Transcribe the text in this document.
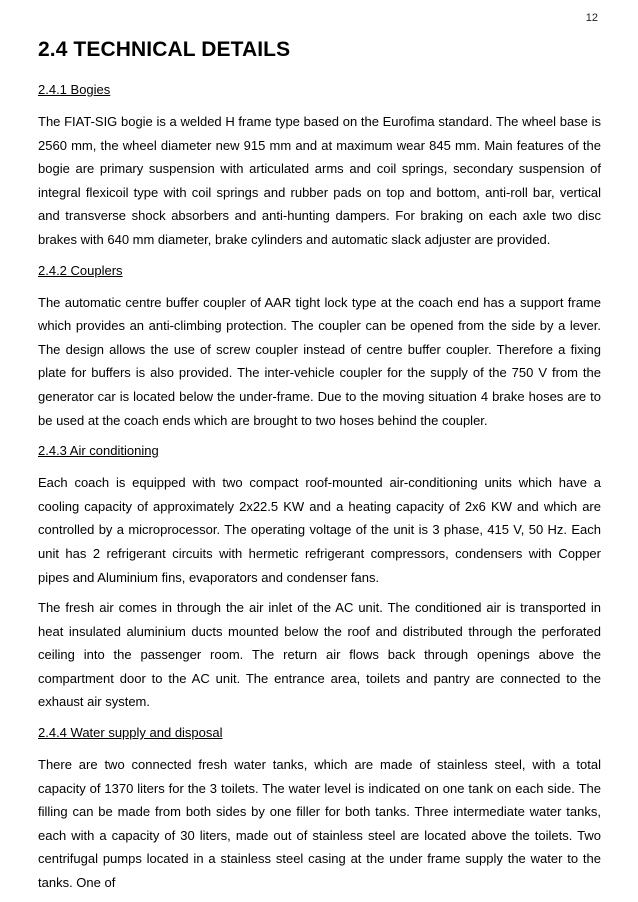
12
2.4 TECHNICAL DETAILS
2.4.1 Bogies

The FIAT-SIG bogie is a welded H frame type based on the Eurofima standard. The wheel base is 2560 mm, the wheel diameter new 915 mm and at maximum wear 845 mm. Main features of the bogie are primary suspension with articulated arms and coil springs, secondary suspension of integral flexicoil type with coil springs and rubber pads on top and bottom, anti-roll bar, vertical and transverse shock absorbers and anti-hunting dampers. For braking on each axle two disc brakes with 640 mm diameter, brake cylinders and automatic slack adjuster are provided.

2.4.2 Couplers

The automatic centre buffer coupler of AAR tight lock type at the coach end has a support frame which provides an anti-climbing protection. The coupler can be opened from the side by a lever. The design allows the use of screw coupler instead of centre buffer coupler. Therefore a fixing plate for buffers is also provided. The inter-vehicle coupler for the supply of the 750 V from the generator car is located below the under-frame. Due to the moving situation 4 brake hoses are to be used at the coach ends which are brought to two hoses behind the coupler.

2.4.3 Air conditioning

Each coach is equipped with two compact roof-mounted air-conditioning units which have a cooling capacity of approximately 2x22.5 KW and a heating capacity of 2x6 KW and which are controlled by a microprocessor. The operating voltage of the unit is 3 phase, 415 V, 50 Hz. Each unit has 2 refrigerant circuits with hermetic refrigerant compressors, condensers with Copper pipes and Aluminium fins, evaporators and condenser fans.

The fresh air comes in through the air inlet of the AC unit. The conditioned air is transported in heat insulated aluminium ducts mounted below the roof and distributed through the perforated ceiling into the passenger room. The return air flows back through openings above the compartment door to the AC unit. The entrance area, toilets and pantry are connected to the exhaust air system.

2.4.4 Water supply and disposal

There are two connected fresh water tanks, which are made of stainless steel, with a total capacity of 1370 liters for the 3 toilets. The water level is indicated on one tank on each side. The filling can be made from both sides by one filler for both tanks. Three intermediate water tanks, each with a capacity of 30 liters, made out of stainless steel are located above the toilets. Two centrifugal pumps located in a stainless steel casing at the under frame supply the water to the tanks. One of
